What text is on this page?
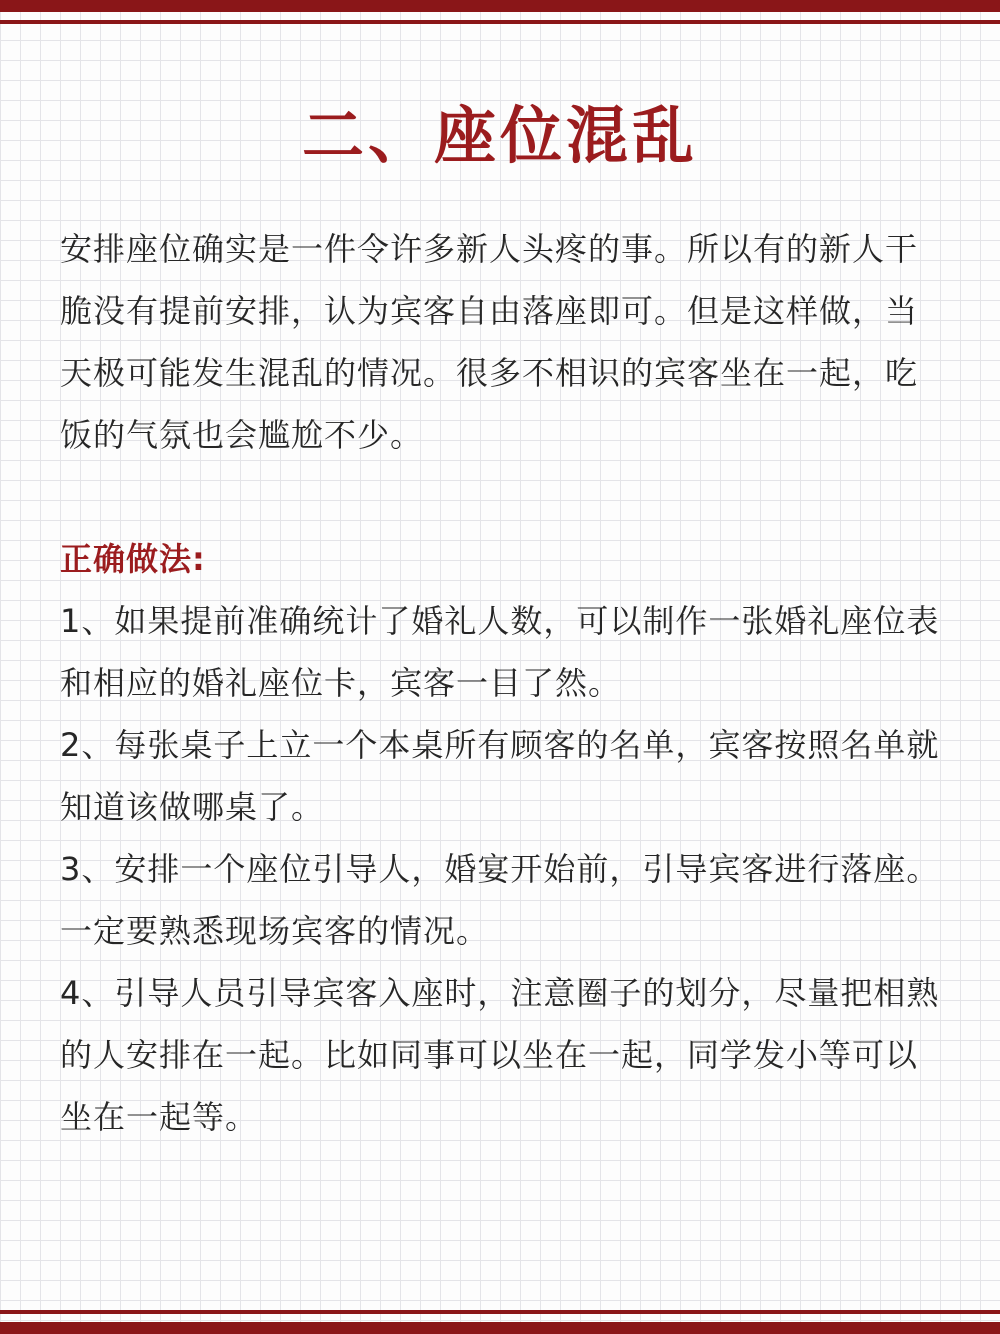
二、座位混乱

安排座位确实是一件令许多新人头疼的事。所以有的新人干脆没有提前安排，认为宾客自由落座即可。但是这样做，当天极可能发生混乱的情况。很多不相识的宾客坐在一起，吃饭的气氛也会尴尬不少。

正确做法:

1、如果提前准确统计了婚礼人数，可以制作一张婚礼座位表和相应的婚礼座位卡，宾客一目了然。

2、每张桌子上立一个本桌所有顾客的名单，宾客按照名单就知道该做哪桌了。

3、安排一个座位引导人，婚宴开始前，引导宾客进行落座。一定要熟悉现场宾客的情况。

4、引导人员引导宾客入座时，注意圈子的划分，尽量把相熟的人安排在一起。比如同事可以坐在一起，同学发小等可以坐在一起等。
